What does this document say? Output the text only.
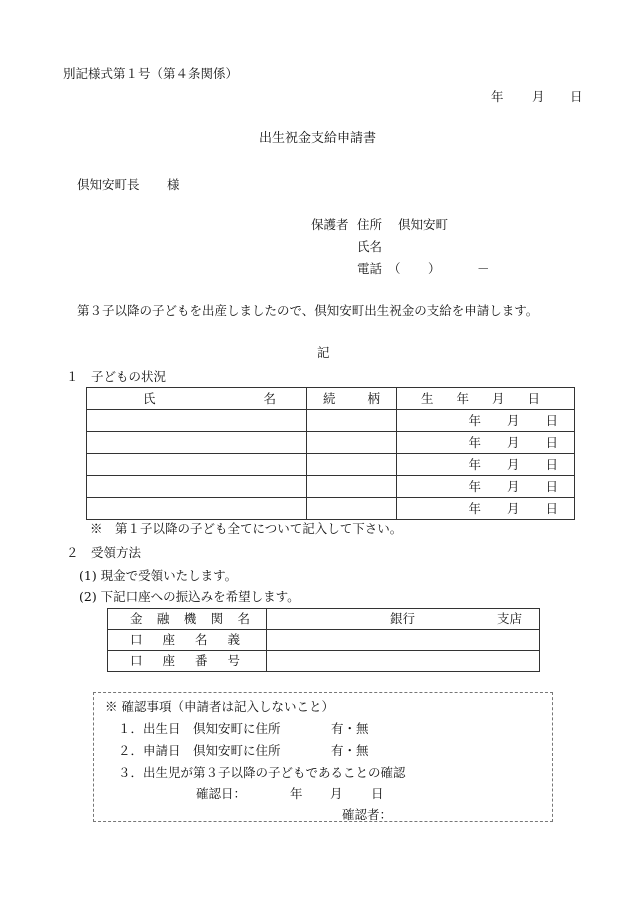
別記様式第１号（第４条関係）
年 月 日
出生祝金支給申請書
倶知安町長 様
保護者 住所 倶知安町
氏名
電話 （ ）	－
第３子以降の子どもを出産しましたので、倶知安町出生祝金の支給を申請します。
記
１ 子どもの状況
氏 名	続 柄	生 年 月 日

		年 月 日

		年 月 日

		年 月 日

		年 月 日

		年 月 日
※　第１子以降の子ども全てについて記入して下さい。
２ 受領方法
(1) 現金で受領いたします。
(2) 下記口座への振込みを希望します。
金 融 機 関 名	銀行 支店

口 座 名 義	

口 座 番 号	

※ 確認事項（申請者は記入しないこと）
１．出生日　倶知安町に住所	有・無
２．申請日　倶知安町に住所	有・無
３．出生児が第３子以降の子どもであることの確認
確認日：	年 月 日
確認者：
